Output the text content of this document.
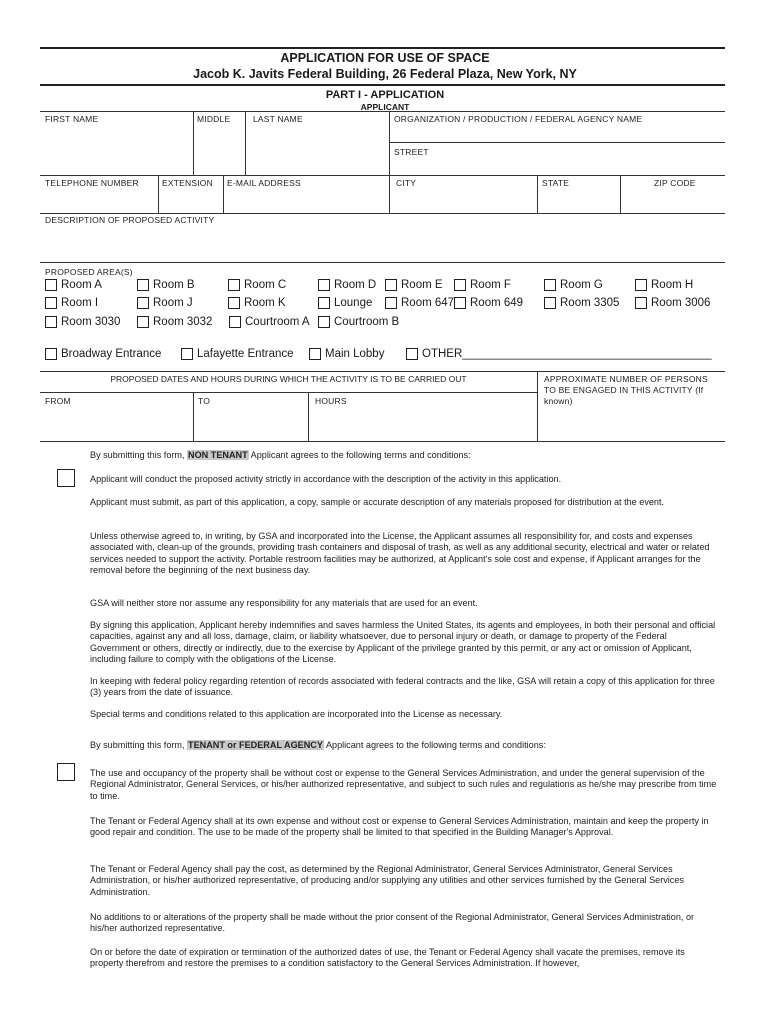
APPLICATION FOR USE OF SPACE
Jacob K. Javits Federal Building, 26 Federal Plaza, New York, NY
PART I - APPLICATION
APPLICANT
FIRST NAME	MIDDLE	LAST NAME	ORGANIZATION / PRODUCTION / FEDERAL AGENCY NAME
STREET
TELEPHONE NUMBER	EXTENSION E-MAIL ADDRESS	CITY	STATE	ZIP CODE
DESCRIPTION OF PROPOSED ACTIVITY
PROPOSED AREA(S)
Room A	Room B	Room C	Room D Room E Room F	Room G	Room H
Room I	Room J	Room K	Lounge Room 647 Room 649	Room 3305	Room 3006
Room 3030	Room 3032	Courtroom A Courtroom B
Broadway Entrance	Lafayette Entrance	Main Lobby	OTHER_______________________________________
PROPOSED DATES AND HOURS DURING WHICH THE ACTIVITY IS TO BE CARRIED OUT	APPROXIMATE NUMBER OF PERSONS
TO BE ENGAGED IN THIS ACTIVITY (If
known)
FROM	TO	HOURS
By submitting this form, NON TENANT Applicant agrees to the following terms and conditions:
Applicant will conduct the proposed activity strictly in accordance with the description of the activity in this application.
Applicant must submit, as part of this application, a copy, sample or accurate description of any materials proposed for distribution at the event.
Unless otherwise agreed to, in writing, by GSA and incorporated into the License, the Applicant assumes all responsibility for, and costs and expenses associated with, clean-up of the grounds, providing trash containers and disposal of trash, as well as any additional security, electrical and water or related services needed to support the activity. Portable restroom facilities may be authorized, at Applicant's sole cost and expense, if Applicant arranges for the removal before the beginning of the next business day.
GSA will neither store nor assume any responsibility for any materials that are used for an event.
By signing this application, Applicant hereby indemnifies and saves harmless the United States, its agents and employees, in both their personal and official capacities, against any and all loss, damage, claim, or liability whatsoever, due to personal injury or death, or damage to property of the Federal Government or others, directly or indirectly, due to the exercise by Applicant of the privilege granted by this permit, or any act or omission of Applicant, including failure to comply with the obligations of the License.
In keeping with federal policy regarding retention of records associated with federal contracts and the like, GSA will retain a copy of this application for three (3) years from the date of issuance.
Special terms and conditions related to this application are incorporated into the License as necessary.
By submitting this form, TENANT or FEDERAL AGENCY Applicant agrees to the following terms and conditions:
The use and occupancy of the property shall be without cost or expense to the General Services Administration, and under the general supervision of the Regional Administrator, General Services, or his/her authorized representative, and subject to such rules and regulations as he/she may prescribe from time to time.
The Tenant or Federal Agency shall at its own expense and without cost or expense to General Services Administration, maintain and keep the property in good repair and condition. The use to be made of the property shall be limited to that specified in the Building Manager's Approval.
The Tenant or Federal Agency shall pay the cost, as determined by the Regional Administrator, General Services Administrator, General Services Administration, or his/her authorized representative, of producing and/or supplying any utilities and other services furnished by the General Services Administration.
No additions to or alterations of the property shall be made without the prior consent of the Regional Administrator, General Services Administration, or his/her authorized representative.
On or before the date of expiration or termination of the authorized dates of use, the Tenant or Federal Agency shall vacate the premises, remove its property therefrom and restore the premises to a condition satisfactory to the General Services Administration. If however,
